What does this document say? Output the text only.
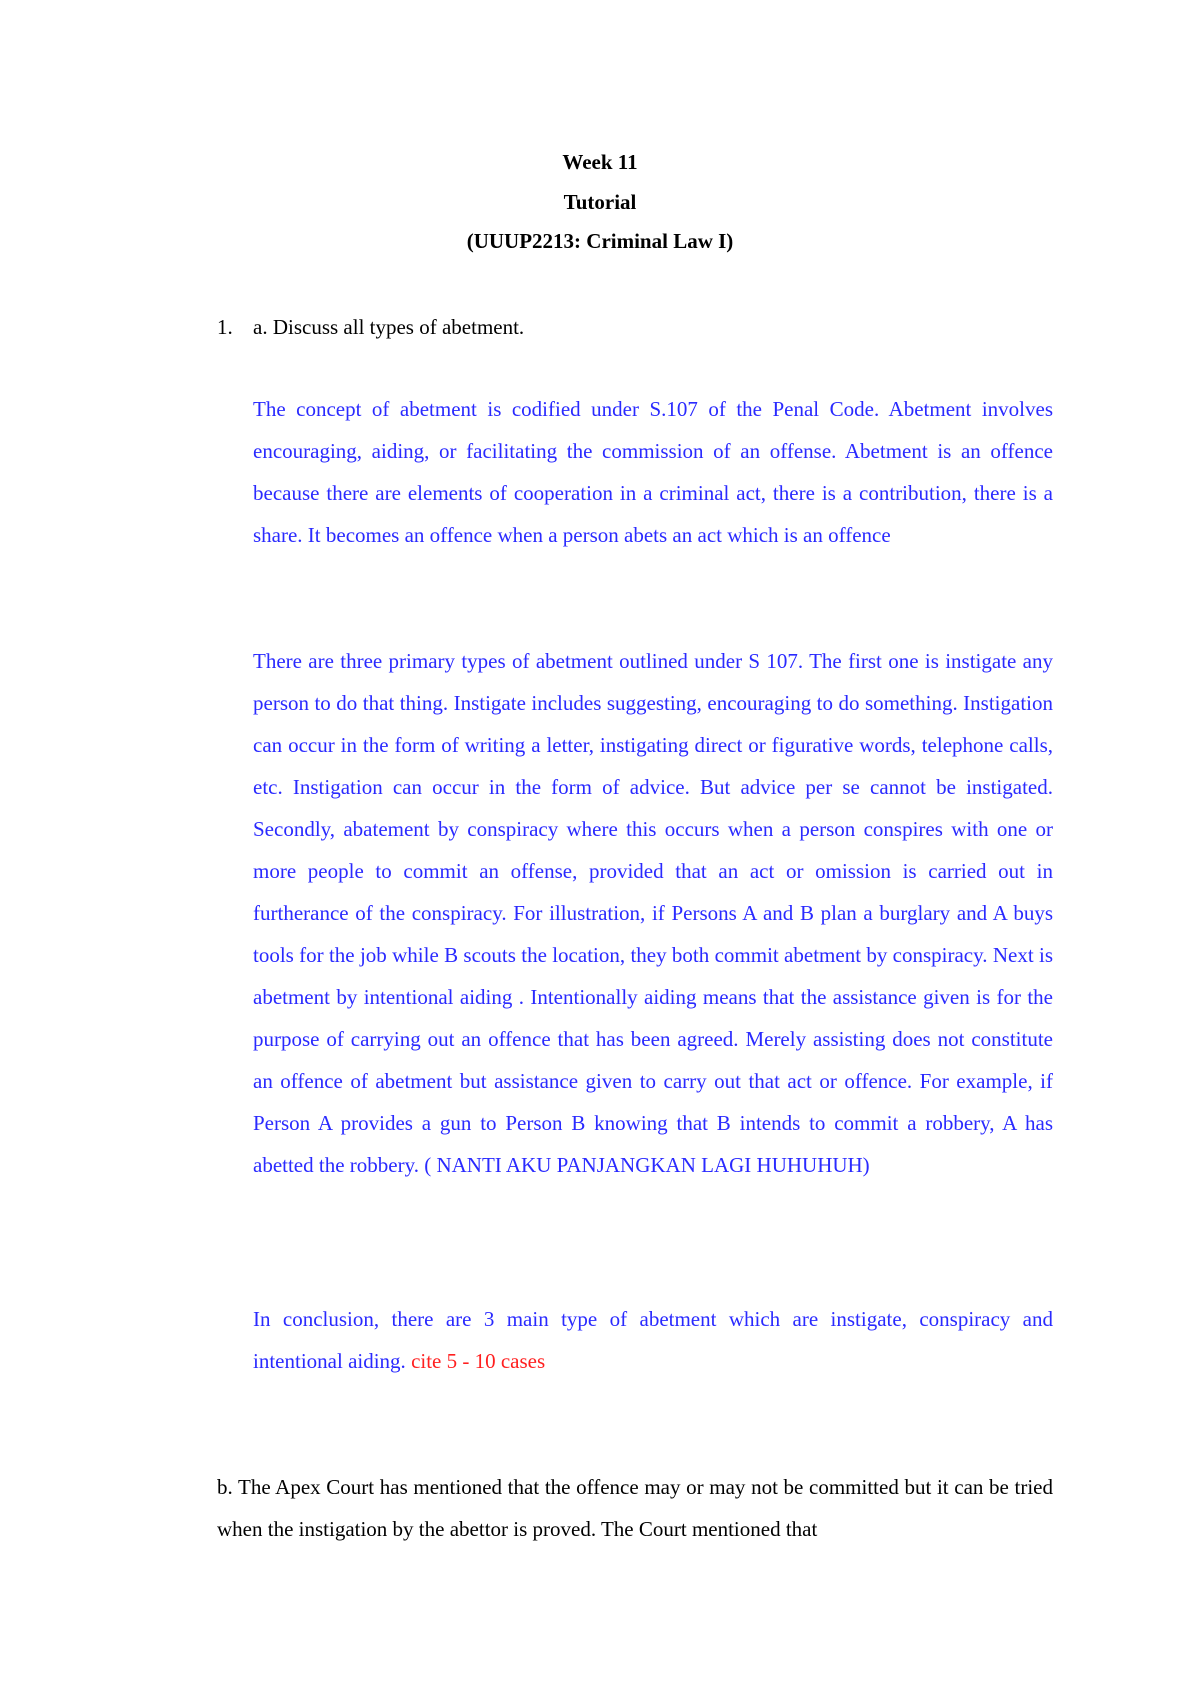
Week 11
Tutorial
(UUUP2213: Criminal Law I)
1. a. Discuss all types of abetment.

The concept of abetment is codified under S.107 of the Penal Code. Abetment involves encouraging, aiding, or facilitating the commission of an offense. Abetment is an offence because there are elements of cooperation in a criminal act, there is a contribution, there is a share. It becomes an offence when a person abets an act which is an offence

There are three primary types of abetment outlined under S 107. The first one is instigate any person to do that thing. Instigate includes suggesting, encouraging to do something. Instigation can occur in the form of writing a letter, instigating direct or figurative words, telephone calls, etc. Instigation can occur in the form of advice. But advice per se cannot be instigated. Secondly, abatement by conspiracy where this occurs when a person conspires with one or more people to commit an offense, provided that an act or omission is carried out in furtherance of the conspiracy. For illustration, if Persons A and B plan a burglary and A buys tools for the job while B scouts the location, they both commit abetment by conspiracy. Next is abetment by intentional aiding . Intentionally aiding means that the assistance given is for the purpose of carrying out an offence that has been agreed. Merely assisting does not constitute an offence of abetment but assistance given to carry out that act or offence. For example, if Person A provides a gun to Person B knowing that B intends to commit a robbery, A has abetted the robbery. ( NANTI AKU PANJANGKAN LAGI HUHUHUH)

In conclusion, there are 3 main type of abetment which are instigate, conspiracy and intentional aiding. cite 5 - 10 cases

b. The Apex Court has mentioned that the offence may or may not be committed but it can be tried when the instigation by the abettor is proved. The Court mentioned that
